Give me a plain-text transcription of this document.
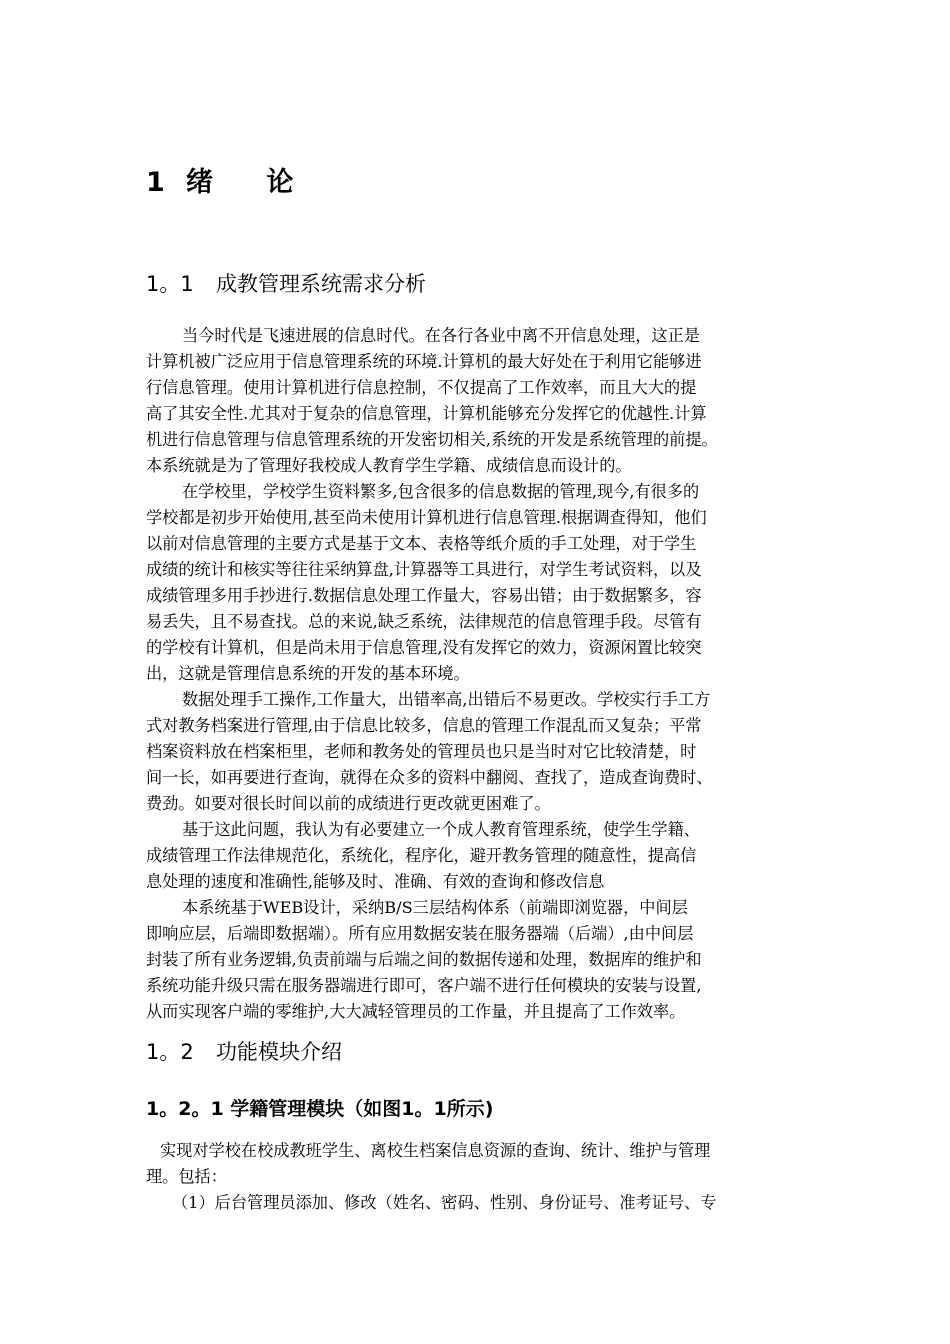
1 绪 论
1。1 成教管理系统需求分析

当今时代是飞速进展的信息时代。在各行各业中离不开信息处理，这正是
计算机被广泛应用于信息管理系统的环境.计算机的最大好处在于利用它能够进
行信息管理。使用计算机进行信息控制，不仅提高了工作效率，而且大大的提
高了其安全性.尤其对于复杂的信息管理，计算机能够充分发挥它的优越性.计算
机进行信息管理与信息管理系统的开发密切相关,系统的开发是系统管理的前提。
本系统就是为了管理好我校成人教育学生学籍、成绩信息而设计的。

在学校里，学校学生资料繁多,包含很多的信息数据的管理,现今,有很多的
学校都是初步开始使用,甚至尚未使用计算机进行信息管理.根据调查得知，他们
以前对信息管理的主要方式是基于文本、表格等纸介质的手工处理，对于学生
成绩的统计和核实等往往采纳算盘,计算器等工具进行，对学生考试资料，以及
成绩管理多用手抄进行.数据信息处理工作量大，容易出错；由于数据繁多，容
易丢失，且不易查找。总的来说,缺乏系统，法律规范的信息管理手段。尽管有
的学校有计算机，但是尚未用于信息管理,没有发挥它的效力，资源闲置比较突
出，这就是管理信息系统的开发的基本环境。

数据处理手工操作,工作量大，出错率高,出错后不易更改。学校实行手工方
式对教务档案进行管理,由于信息比较多，信息的管理工作混乱而又复杂；平常
档案资料放在档案柜里，老师和教务处的管理员也只是当时对它比较清楚，时
间一长，如再要进行查询，就得在众多的资料中翻阅、查找了，造成查询费时、
费劲。如要对很长时间以前的成绩进行更改就更困难了。

基于这此问题，我认为有必要建立一个成人教育管理系统，使学生学籍、
成绩管理工作法律规范化，系统化，程序化，避开教务管理的随意性，提高信
息处理的速度和准确性,能够及时、准确、有效的查询和修改信息

本系统基于WEB设计，采纳B/S三层结构体系（前端即浏览器，中间层
即响应层，后端即数据端）。所有应用数据安装在服务器端（后端）,由中间层
封装了所有业务逻辑,负责前端与后端之间的数据传递和处理，数据库的维护和
系统功能升级只需在服务器端进行即可，客户端不进行任何模块的安装与设置,
从而实现客户端的零维护,大大减轻管理员的工作量，并且提高了工作效率。

1。2 功能模块介绍
1。2。1 学籍管理模块（如图1。1所示)

实现对学校在校成教班学生、离校生档案信息资源的查询、统计、维护与管理
理。包括：

（1）后台管理员添加、修改（姓名、密码、性别、身份证号、准考证号、专
